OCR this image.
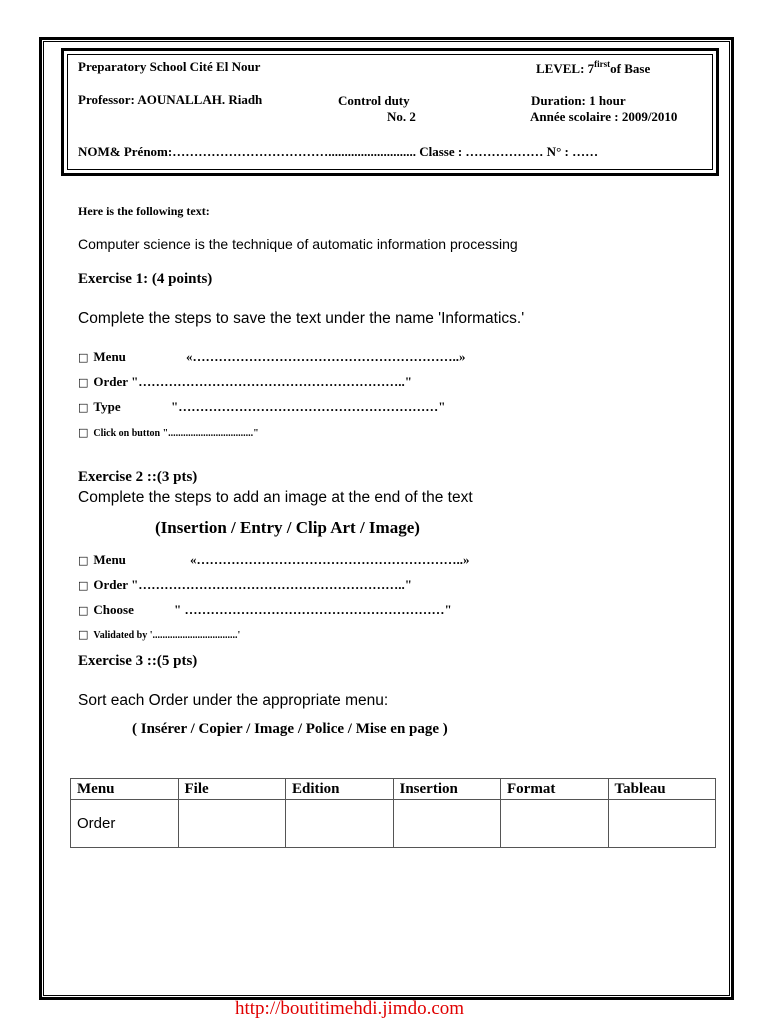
Preparatory School Cité El Nour	LEVEL: $7^{first}of$ Base
Professor: AOUNALLAH. Riadh	Control duty
No. 2
Duration: 1 hour
Année scolaire : 2009/2010
NOM& Prénom:………………………………........................... Classe : ……………… N° : ……
Here is the following text:
Computer science is the technique of automatic information processing
Exercise 1: (4 points)
Complete the steps to save the text under the name 'Informatics.'
□ Menu	«……………………………………………………..»
□ Order "…………………………………………………….."
□ Type	"……………………………………………………"
□ Click on button ".................................."
Exercise 2 ::(3 pts)
Complete the steps to add an image at the end of the text
(Insertion / Entry / Clip Art / Image)
□ Menu	«……………………………………………………..»
□ Order "…………………………………………………….."
□ Choose	" ……………………………………………………"
□ Validated by '..................................'
Exercise 3 ::(5 pts)
Sort each Order under the appropriate menu:
( Insérer / Copier / Image / Police / Mise en page )
Menu	File	Edition	Insertion	Format	Tableau
Order					
http://boutitimehdi.jimdo.com
